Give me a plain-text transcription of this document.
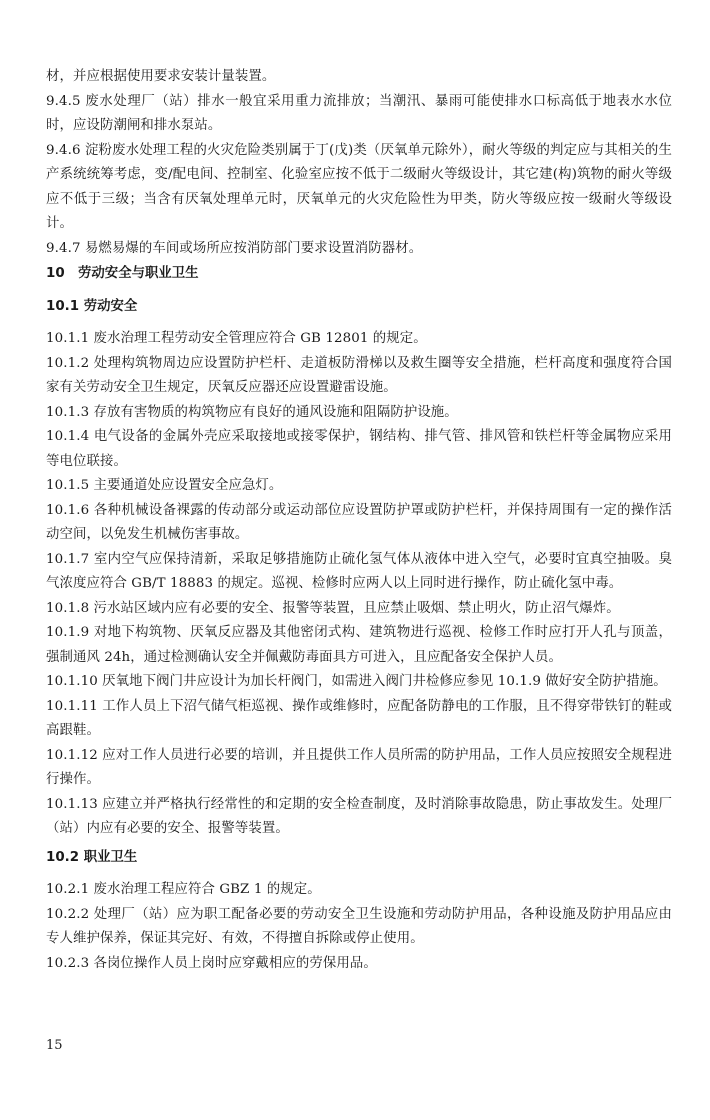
材，并应根据使用要求安装计量装置。

9.4.5 废水处理厂（站）排水一般宜采用重力流排放；当潮汛、暴雨可能使排水口标高低于地表水水位时，应设防潮闸和排水泵站。

9.4.6 淀粉废水处理工程的火灾危险类别属于丁(戊)类（厌氧单元除外），耐火等级的判定应与其相关的生产系统统筹考虑，变/配电间、控制室、化验室应按不低于二级耐火等级设计，其它建(构)筑物的耐火等级应不低于三级；当含有厌氧处理单元时，厌氧单元的火灾危险性为甲类，防火等级应按一级耐火等级设计。

9.4.7 易燃易爆的车间或场所应按消防部门要求设置消防器材。

10　劳动安全与职业卫生

10.1 劳动安全

10.1.1 废水治理工程劳动安全管理应符合 GB 12801 的规定。

10.1.2 处理构筑物周边应设置防护栏杆、走道板防滑梯以及救生圈等安全措施，栏杆高度和强度符合国家有关劳动安全卫生规定，厌氧反应器还应设置避雷设施。

10.1.3 存放有害物质的构筑物应有良好的通风设施和阻隔防护设施。

10.1.4 电气设备的金属外壳应采取接地或接零保护，钢结构、排气管、排风管和铁栏杆等金属物应采用等电位联接。

10.1.5 主要通道处应设置安全应急灯。

10.1.6 各种机械设备裸露的传动部分或运动部位应设置防护罩或防护栏杆，并保持周围有一定的操作活动空间，以免发生机械伤害事故。

10.1.7 室内空气应保持清新，采取足够措施防止硫化氢气体从液体中进入空气，必要时宜真空抽吸。臭气浓度应符合 GB/T 18883 的规定。巡视、检修时应两人以上同时进行操作，防止硫化氢中毒。

10.1.8 污水站区域内应有必要的安全、报警等装置，且应禁止吸烟、禁止明火，防止沼气爆炸。

10.1.9 对地下构筑物、厌氧反应器及其他密闭式构、建筑物进行巡视、检修工作时应打开人孔与顶盖，强制通风 24h，通过检测确认安全并佩戴防毒面具方可进入，且应配备安全保护人员。

10.1.10 厌氧地下阀门井应设计为加长杆阀门，如需进入阀门井检修应参见 10.1.9 做好安全防护措施。

10.1.11 工作人员上下沼气储气柜巡视、操作或维修时，应配备防静电的工作服，且不得穿带铁钉的鞋或高跟鞋。

10.1.12 应对工作人员进行必要的培训，并且提供工作人员所需的防护用品，工作人员应按照安全规程进行操作。

10.1.13 应建立并严格执行经常性的和定期的安全检查制度，及时消除事故隐患，防止事故发生。处理厂（站）内应有必要的安全、报警等装置。

10.2 职业卫生

10.2.1 废水治理工程应符合 GBZ 1 的规定。

10.2.2 处理厂（站）应为职工配备必要的劳动安全卫生设施和劳动防护用品，各种设施及防护用品应由专人维护保养，保证其完好、有效，不得擅自拆除或停止使用。

10.2.3 各岗位操作人员上岗时应穿戴相应的劳保用品。

15
